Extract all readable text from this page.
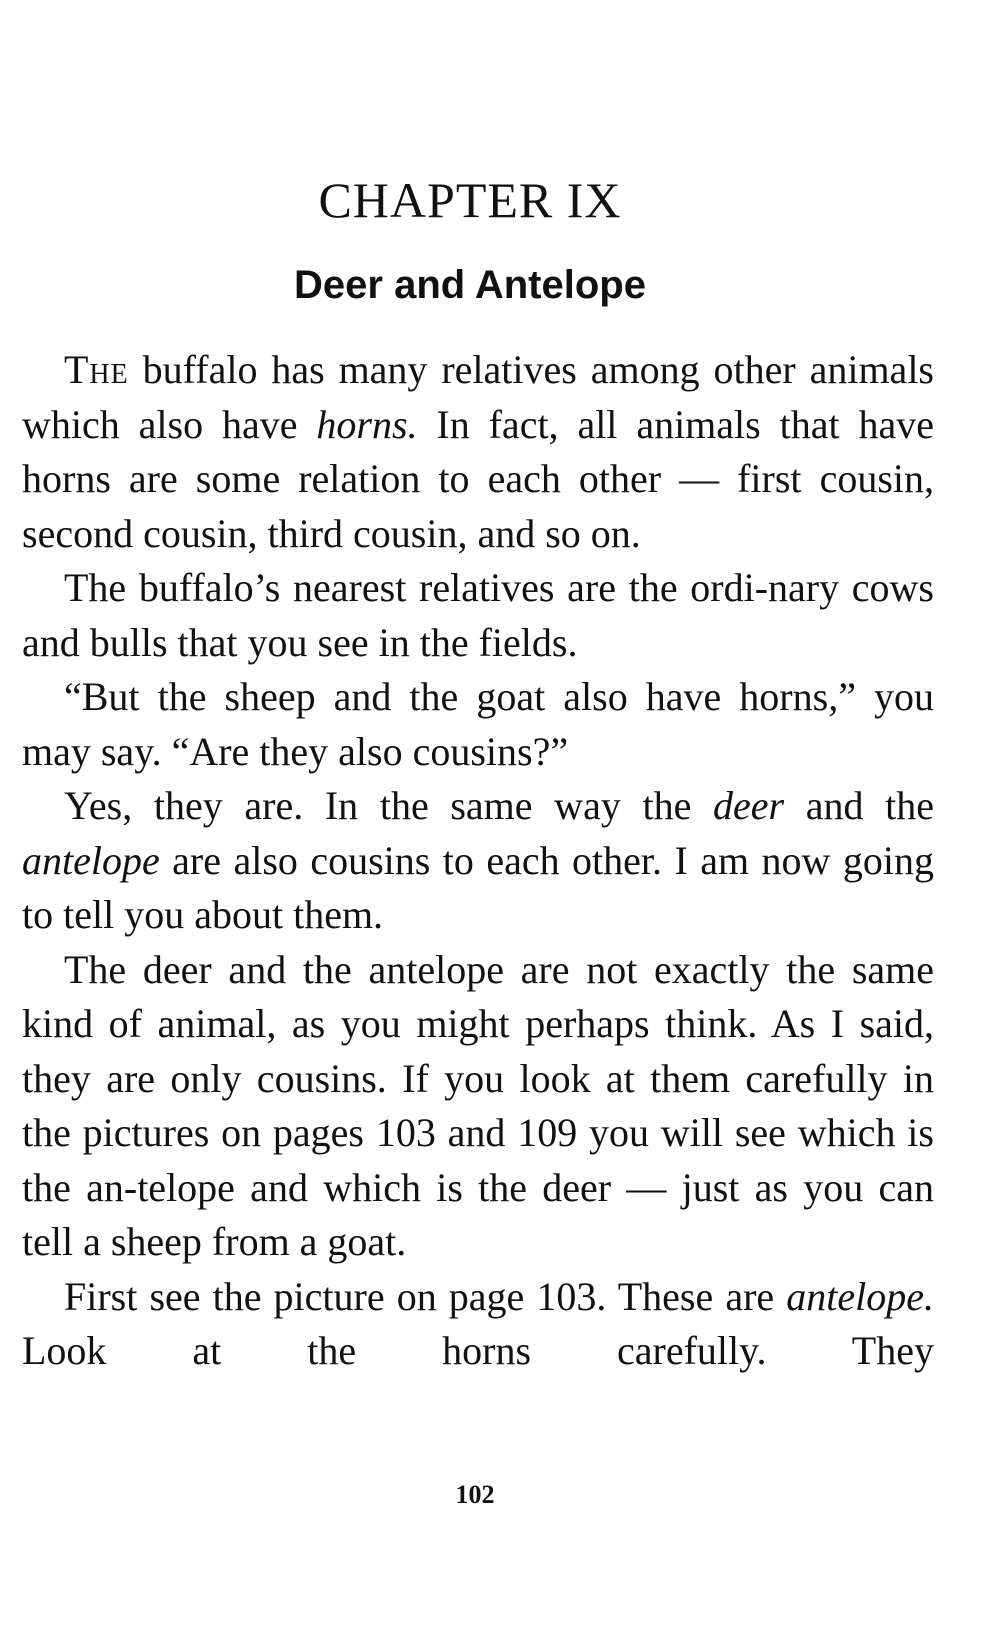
CHAPTER IX
Deer and Antelope

The buffalo has many relatives among other animals which also have horns. In fact, all animals that have horns are some relation to each other — first cousin, second cousin, third cousin, and so on.

The buffalo’s nearest relatives are the ordi-nary cows and bulls that you see in the fields.

“But the sheep and the goat also have horns,” you may say. “Are they also cousins?”

Yes, they are. In the same way the deer and the antelope are also cousins to each other. I am now going to tell you about them.

The deer and the antelope are not exactly the same kind of animal, as you might perhaps think. As I said, they are only cousins. If you look at them carefully in the pictures on pages 103 and 109 you will see which is the an-telope and which is the deer — just as you can tell a sheep from a goat.

First see the picture on page 103. These are antelope. Look at the horns carefully. They

102
